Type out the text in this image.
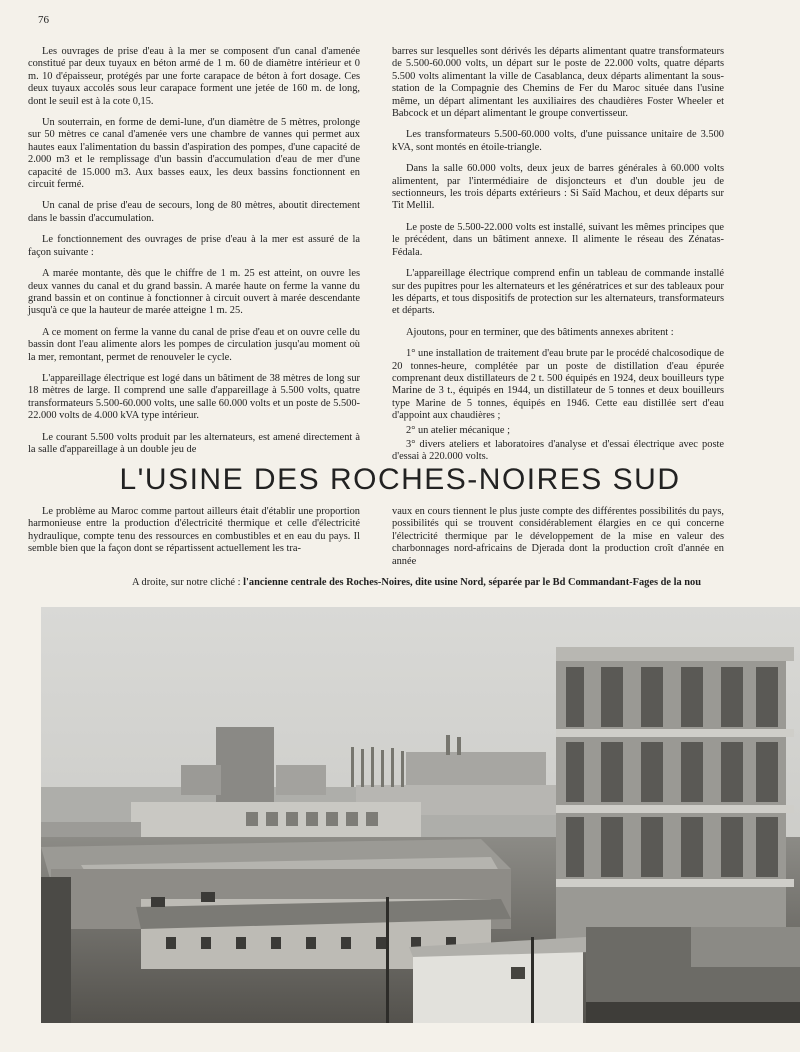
76

Les ouvrages de prise d'eau à la mer se composent d'un canal d'amenée constitué par deux tuyaux en béton armé de 1 m. 60 de diamètre intérieur et 0 m. 10 d'épaisseur, protégés par une forte carapace de béton à fort dosage. Ces deux tuyaux accolés sous leur carapace forment une jetée de 160 m. de long, dont le seuil est à la cote 0,15.

Un souterrain, en forme de demi-lune, d'un diamètre de 5 mètres, prolonge sur 50 mètres ce canal d'amenée vers une chambre de vannes qui permet aux hautes eaux l'alimentation du bassin d'aspiration des pompes, d'une capacité de 2.000 m3 et le remplissage d'un bassin d'accumulation d'eau de mer d'une capacité de 15.000 m3. Aux basses eaux, les deux bassins fonctionnent en circuit fermé.

Un canal de prise d'eau de secours, long de 80 mètres, aboutit directement dans le bassin d'accumulation.

Le fonctionnement des ouvrages de prise d'eau à la mer est assuré de la façon suivante :

A marée montante, dès que le chiffre de 1 m. 25 est atteint, on ouvre les deux vannes du canal et du grand bassin. A marée haute on ferme la vanne du grand bassin et on continue à fonctionner à circuit ouvert à marée descendante jusqu'à ce que la hauteur de marée atteigne 1 m. 25.

A ce moment on ferme la vanne du canal de prise d'eau et on ouvre celle du bassin dont l'eau alimente alors les pompes de circulation jusqu'au moment où la mer, remontant, permet de renouveler le cycle.

L'appareillage électrique est logé dans un bâtiment de 38 mètres de long sur 18 mètres de large. Il comprend une salle d'appareillage à 5.500 volts, quatre transformateurs 5.500-60.000 volts, une salle 60.000 volts et un poste de 5.500-22.000 volts de 4.000 kVA type intérieur.

Le courant 5.500 volts produit par les alternateurs, est amené directement à la salle d'appareillage à un double jeu de

barres sur lesquelles sont dérivés les départs alimentant quatre transformateurs de 5.500-60.000 volts, un départ sur le poste de 22.000 volts, quatre départs 5.500 volts alimentant la ville de Casablanca, deux départs alimentant la sous-station de la Compagnie des Chemins de Fer du Maroc située dans l'usine même, un départ alimentant les auxiliaires des chaudières Foster Wheeler et Babcock et un départ alimentant le groupe convertisseur.

Les transformateurs 5.500-60.000 volts, d'une puissance unitaire de 3.500 kVA, sont montés en étoile-triangle.

Dans la salle 60.000 volts, deux jeux de barres générales à 60.000 volts alimentent, par l'intermédiaire de disjoncteurs et d'un double jeu de sectionneurs, les trois départs extérieurs : Si Saïd Machou, et deux départs sur Tit Mellil.

Le poste de 5.500-22.000 volts est installé, suivant les mêmes principes que le précédent, dans un bâtiment annexe. Il alimente le réseau des Zénatas-Fédala.

L'appareillage électrique comprend enfin un tableau de commande installé sur des pupitres pour les alternateurs et les génératrices et sur des tableaux pour les départs, et tous dispositifs de protection sur les alternateurs, transformateurs et départs.

Ajoutons, pour en terminer, que des bâtiments annexes abritent :

1° une installation de traitement d'eau brute par le procédé chalcosodique de 20 tonnes-heure, complétée par un poste de distillation d'eau épurée comprenant deux distillateurs de 2 t. 500 équipés en 1924, deux bouilleurs type Marine de 3 t., équipés en 1944, un distillateur de 5 tonnes et deux bouilleurs type Marine de 5 tonnes, équipés en 1946. Cette eau distillée sert d'eau d'appoint aux chaudières ;

2° un atelier mécanique ;

3° divers ateliers et laboratoires d'analyse et d'essai électrique avec poste d'essai à 220.000 volts.

L'USINE DES ROCHES-NOIRES SUD

Le problème au Maroc comme partout ailleurs était d'établir une proportion harmonieuse entre la production d'électricité thermique et celle d'électricité hydraulique, compte tenu des ressources en combustibles et en eau du pays. Il semble bien que la façon dont se répartissent actuellement les tra-

vaux en cours tiennent le plus juste compte des différentes possibilités du pays, possibilités qui se trouvent considérablement élargies en ce qui concerne l'électricité thermique par le développement de la mise en valeur des charbonnages nord-africains de Djerada dont la production croît d'année en année

A droite, sur notre cliché : l'ancienne centrale des Roches-Noires, dite usine Nord, séparée par le Bd Commandant-Fages de la nou
